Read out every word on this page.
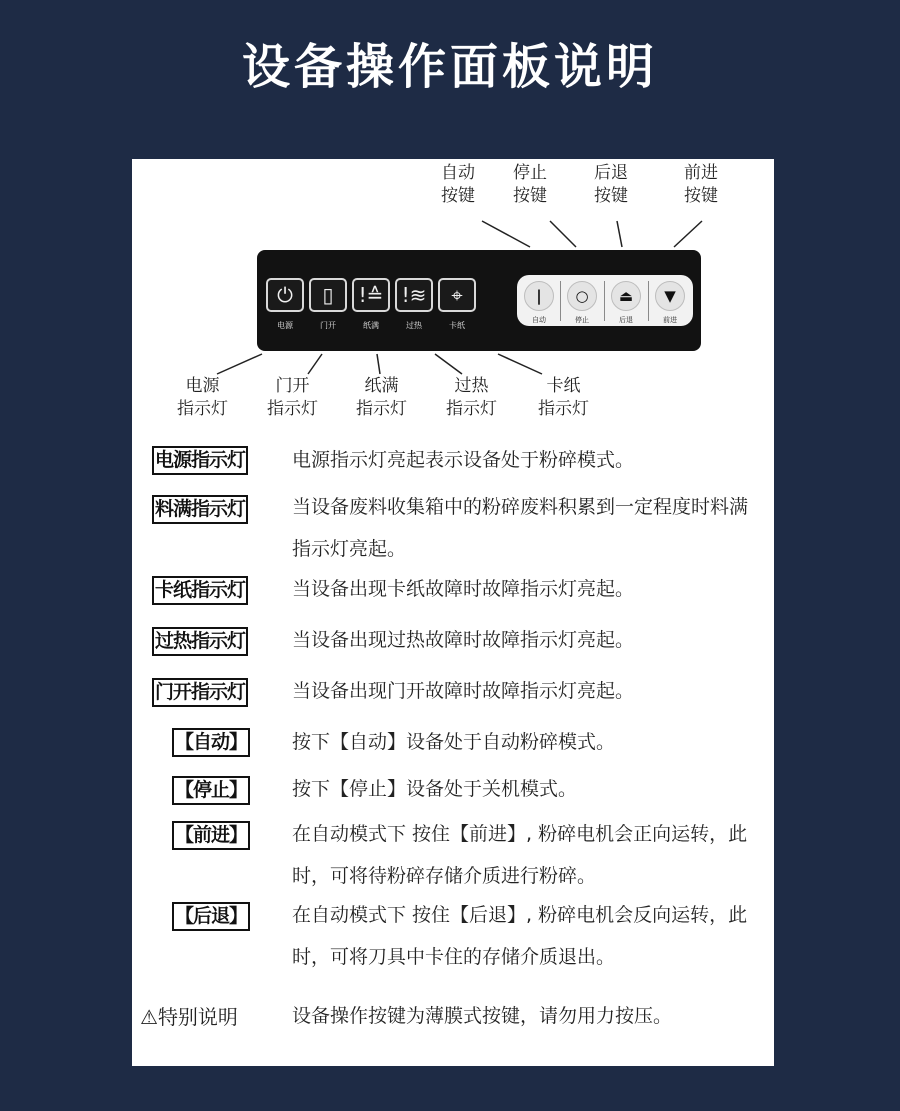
设备操作面板说明
自动
按键
停止
按键
后退
按键
前进
按键
⏻
电源
▯
门开
!≙
纸满
!≋
过热
⌖
卡纸
|
自动
○
停止
⏏
后退
▼
前进
电源
指示灯
门开
指示灯
纸满
指示灯
过热
指示灯
卡纸
指示灯
电源指示灯 电源指示灯亮起表示设备处于粉碎模式。
料满指示灯 当设备废料收集箱中的粉碎废料积累到一定程度时料满指示灯亮起。
卡纸指示灯 当设备出现卡纸故障时故障指示灯亮起。
过热指示灯 当设备出现过热故障时故障指示灯亮起。
门开指示灯 当设备出现门开故障时故障指示灯亮起。
【自动】 按下【自动】设备处于自动粉碎模式。
【停止】 按下【停止】设备处于关机模式。
【前进】 在自动模式下 按住【前进】, 粉碎电机会正向运转，此时，可将待粉碎存储介质进行粉碎。
【后退】 在自动模式下 按住【后退】, 粉碎电机会反向运转，此时，可将刀具中卡住的存储介质退出。
⚠特别说明	设备操作按键为薄膜式按键，请勿用力按压。
